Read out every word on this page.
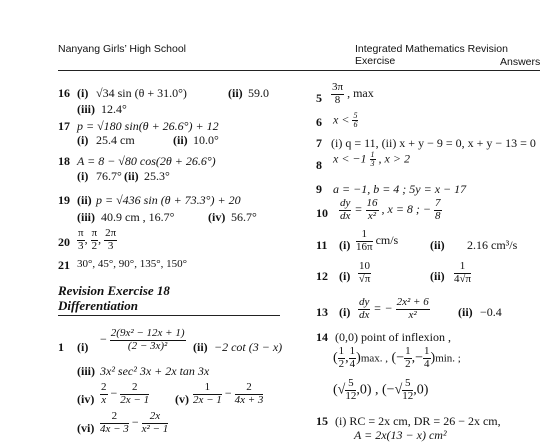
Nanyang Girls’ High School	Integrated Mathematics Revision Exercise	Answers
16 (i) √34 sin (θ + 31.0°)	(ii) 59.0
(iii) 12.4°
17 p = √180 sin(θ + 26.6°) + 12
(i) 25.4 cm	(ii) 10.0°
18 A = 8 − √80 cos(2θ + 26.6°)
(i) 76.7° (ii) 25.3°
19 (ii) p = √436 sin (θ + 73.3°) + 20
(iii) 40.9 cm , 16.7°	(iv) 56.7°
$20 \frac{\pi}{3}$ , $\frac{\pi}{2}$ , $\frac{2\pi}{3}$
21 30°, 45°, 90°, 135°, 150°
Revision Exercise 18
Differentiation
1 (i)
− $\frac{\text{2(9x² − 12x + 1)}}{\text{(2 − 3x)²}} (ii) -2$ cot (3 − x)
(iii) 3x² sec² 3x + 2x tan 3x
$(iv) \frac{2}{x} - \frac{2}{2x - 1} (v) \frac{1}{2x - 1} - \frac{2}{4x + 3}$
$(vi) \frac{2}{4x - 3} - \frac{2x}{\text{x² − 1}}$
$5 \frac{3\pi}{8}$ , max
6 $x < \frac{5}{6}$
7 (i) q = 11, (ii) x + y − 9 = 0, x + y − 13 = 0
8 $x < -1 \frac{1}{3}$ , x > 2
9 a = −1, b = 4 ; 5y = x − 17
$10 \frac{dy}{dx} = \frac{16}{\text{x²}}$ , x = 8 ; − $\frac{7}{8}$
11 $(i) \frac{1}{16\pi} cm/s$	(ii) 2.16 cm³/s
12 $(i) \frac{10}{√\pi}$	$(ii) \frac{1}{4√\pi}$
13 $(i) \frac{dy}{dx}$ = − $\frac{\text{2x² + 6}}{\text{x²}} (ii) -0.4$
14 (0,0) point of inflexion ,
( $\frac{1}{2}$ , $\frac{1}{4} )\max$. , (− $\frac{1}{2}$ ,− $\frac{1}{4} )\min$. ;
(√ $\frac{5}{12} ,0$) , (−√ $\frac{5}{12} ,0$)
15 (i) RC = 2x cm, DR = 26 − 2x cm,
A = 2x(13 − x) cm²
